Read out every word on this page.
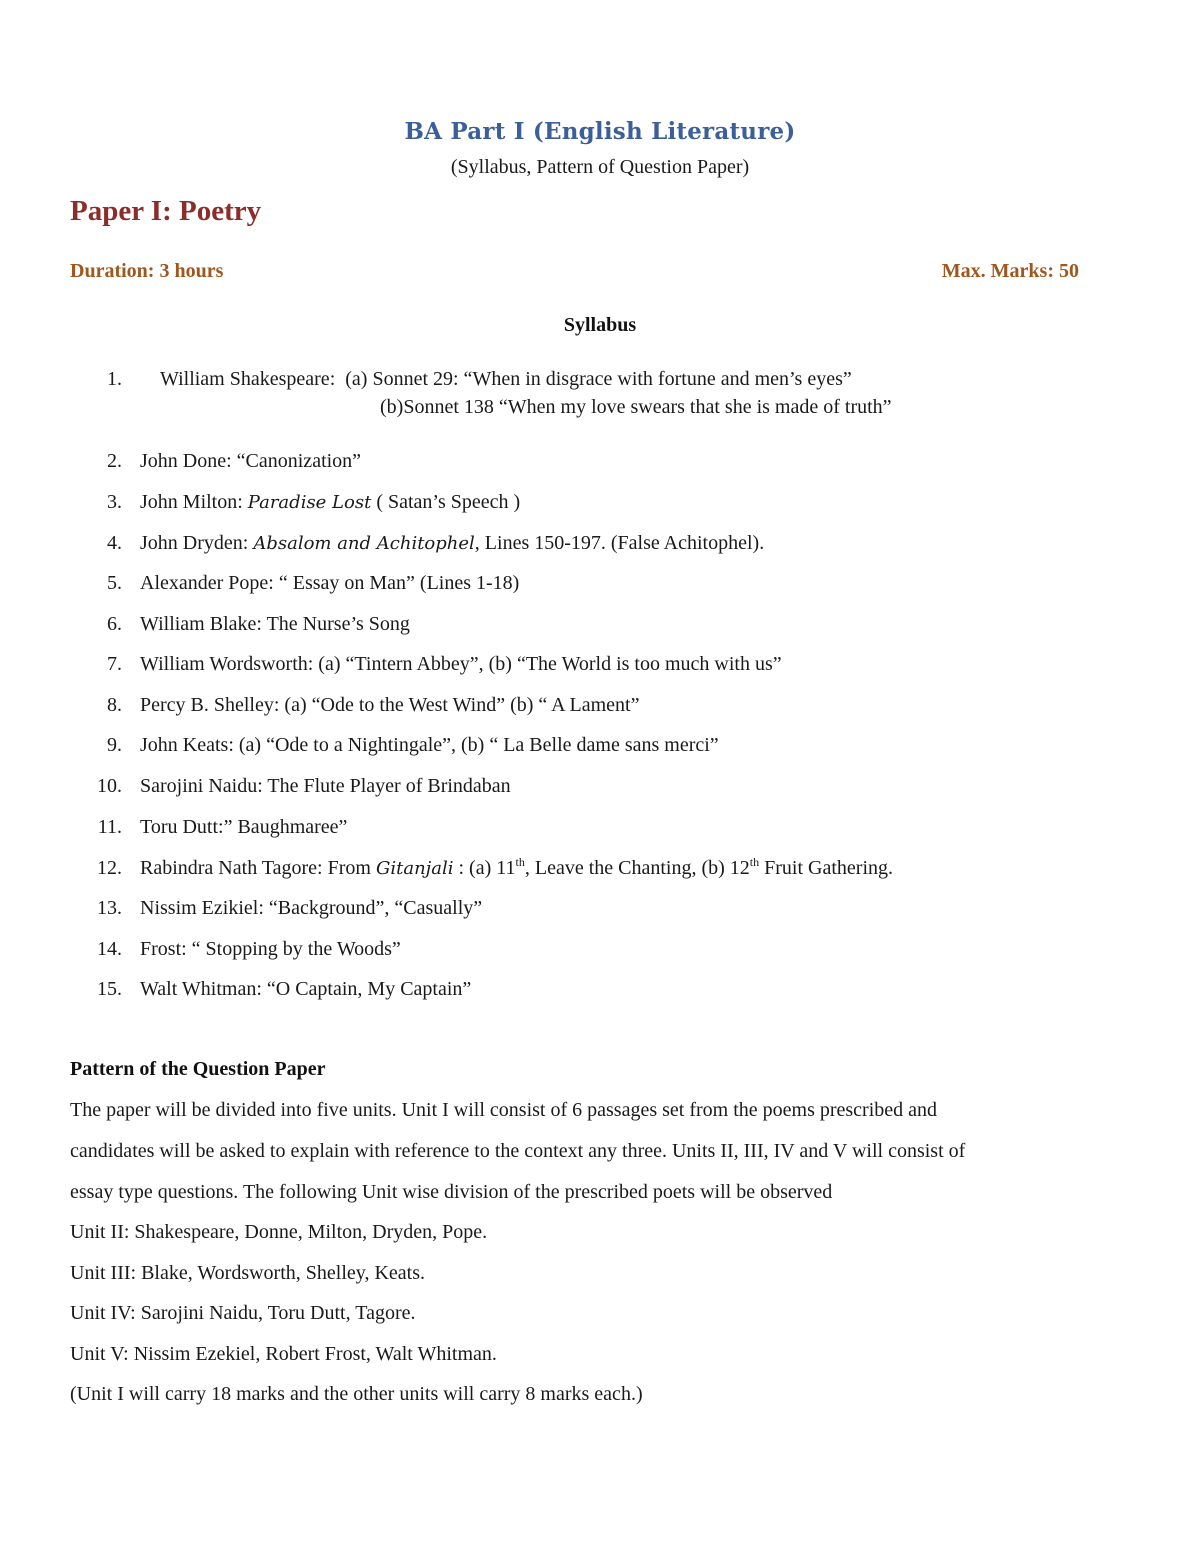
BA Part I (English Literature)
(Syllabus, Pattern of Question Paper)
Paper I: Poetry
Duration: 3 hours	Max. Marks: 50
Syllabus
1. William Shakespeare: (a) Sonnet 29: “When in disgrace with fortune and men’s eyes”
(b)Sonnet 138 “When my love swears that she is made of truth”
2. John Done: “Canonization”
3. John Milton: Paradise Lost ( Satan’s Speech )
4. John Dryden: Absalom and Achitophel, Lines 150-197. (False Achitophel).
5. Alexander Pope: “ Essay on Man” (Lines 1-18)
6. William Blake: The Nurse’s Song
7. William Wordsworth: (a) “Tintern Abbey”, (b) “The World is too much with us”
8. Percy B. Shelley: (a) “Ode to the West Wind” (b) “ A Lament”
9. John Keats: (a) “Ode to a Nightingale”, (b) “ La Belle dame sans merci”
10. Sarojini Naidu: The Flute Player of Brindaban
11. Toru Dutt:” Baughmaree”
12. Rabindra Nath Tagore: From Gitanjali : (a) 11th, Leave the Chanting, (b) 12th Fruit Gathering.
13. Nissim Ezikiel: “Background”, “Casually”
14. Frost: “ Stopping by the Woods”
15. Walt Whitman: “O Captain, My Captain”
Pattern of the Question Paper
The paper will be divided into five units. Unit I will consist of 6 passages set from the poems prescribed and
candidates will be asked to explain with reference to the context any three. Units II, III, IV and V will consist of
essay type questions. The following Unit wise division of the prescribed poets will be observed
Unit II: Shakespeare, Donne, Milton, Dryden, Pope.
Unit III: Blake, Wordsworth, Shelley, Keats.
Unit IV: Sarojini Naidu, Toru Dutt, Tagore.
Unit V: Nissim Ezekiel, Robert Frost, Walt Whitman.
(Unit I will carry 18 marks and the other units will carry 8 marks each.)
